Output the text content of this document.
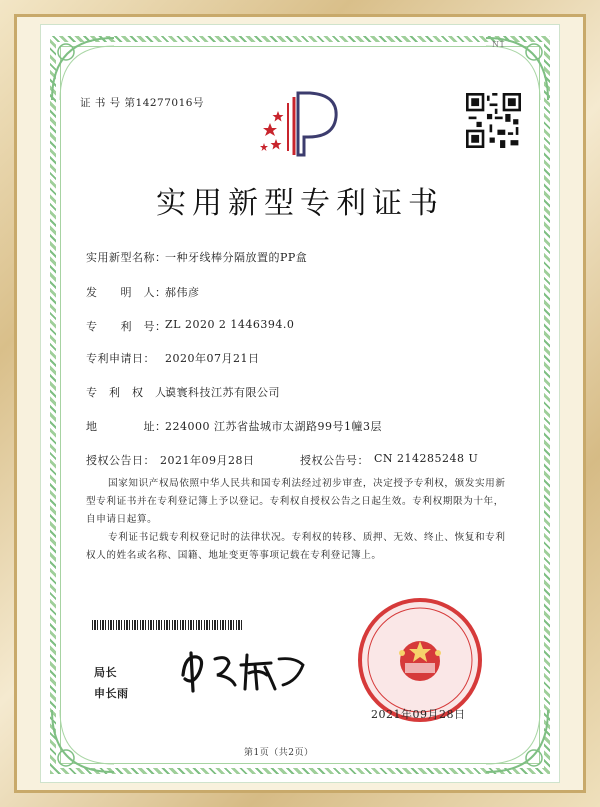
N1
证 书 号 第14277016号
实用新型专利证书
实用新型名称：
一种牙线棒分隔放置的PP盒
发　　明　人：
郝伟彦
专　　利　号：
ZL 2020 2 1446394.0
专利申请日： 2020年07月21日
专　利　权　人：
谟寰科技江苏有限公司
地　　　　址：
224000 江苏省盐城市太湖路99号1幢3层
授权公告日： 2021年09月28日	授权公告号： CN 214285248 U
国家知识产权局依照中华人民共和国专利法经过初步审查，决定授予专利权，颁发实用新型专利证书并在专利登记簿上予以登记。专利权自授权公告之日起生效。专利权期限为十年，自申请日起算。
专利证书记载专利权登记时的法律状况。专利权的转移、质押、无效、终止、恢复和专利权人的姓名或名称、国籍、地址变更等事项记载在专利登记簿上。
局长
申长雨
2021年09月28日
第1页（共2页）
